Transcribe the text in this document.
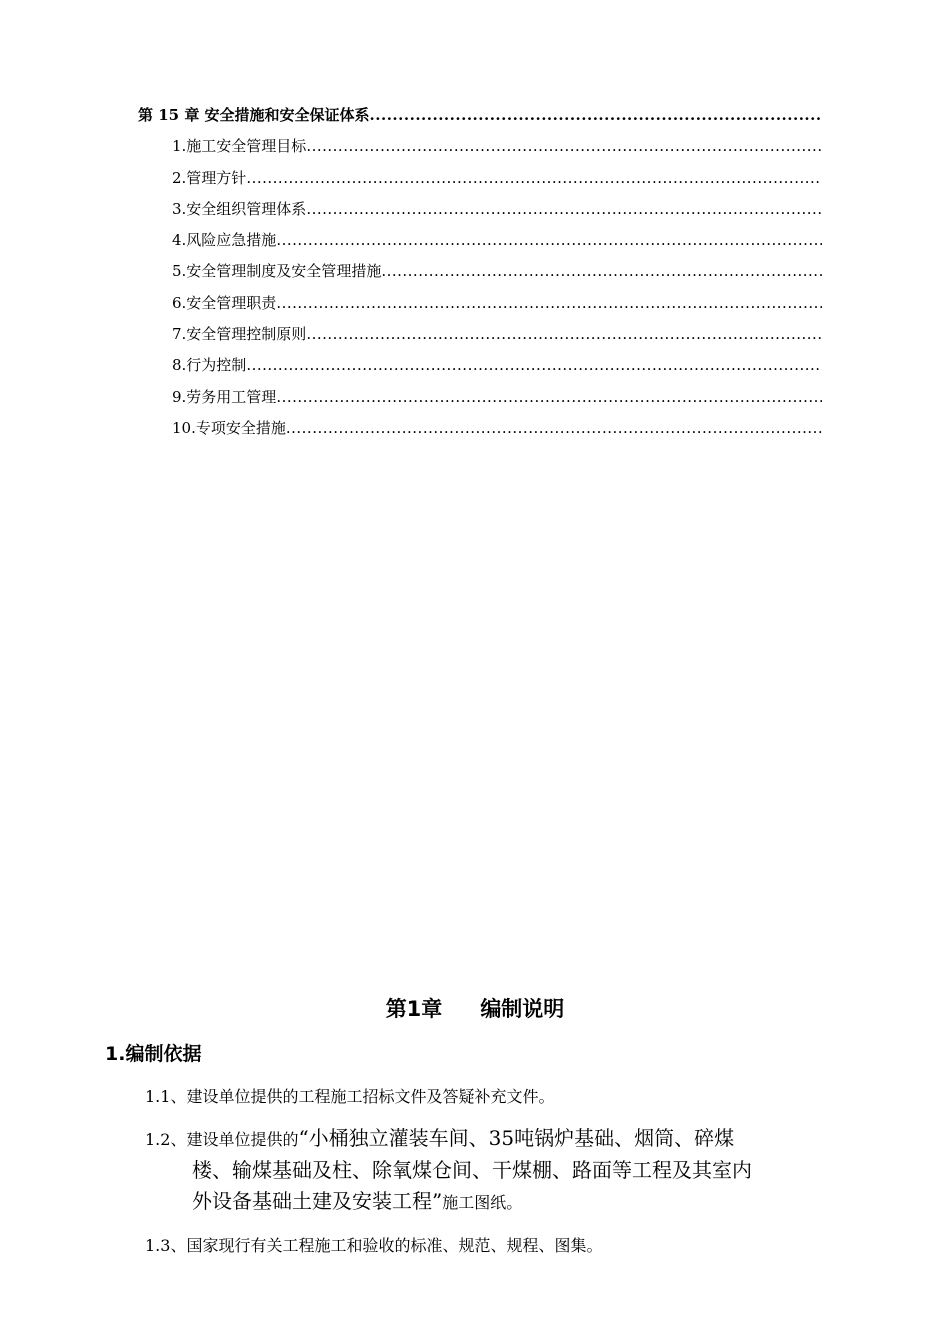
第 15 章 安全措施和安全保证体系
.....
1.施工安全管理目标
.....
2.管理方针
.....
3.安全组织管理体系
.....
4.风险应急措施
.....
5.安全管理制度及安全管理措施
.....
6.安全管理职责
.....
7.安全管理控制原则
.....
8.行为控制
.....
9.劳务用工管理
.....
10.专项安全措施
.....
第1章 编制说明
1.编制依据
1.1、建设单位提供的工程施工招标文件及答疑补充文件。
1.2、建设单位提供的“小桶独立灌装车间、35吨锅炉基础、烟筒、碎煤
楼、输煤基础及柱、除氧煤仓间、干煤棚、路面等工程及其室内
外设备基础土建及安装工程”施工图纸。
1.3、国家现行有关工程施工和验收的标准、规范、规程、图集。
